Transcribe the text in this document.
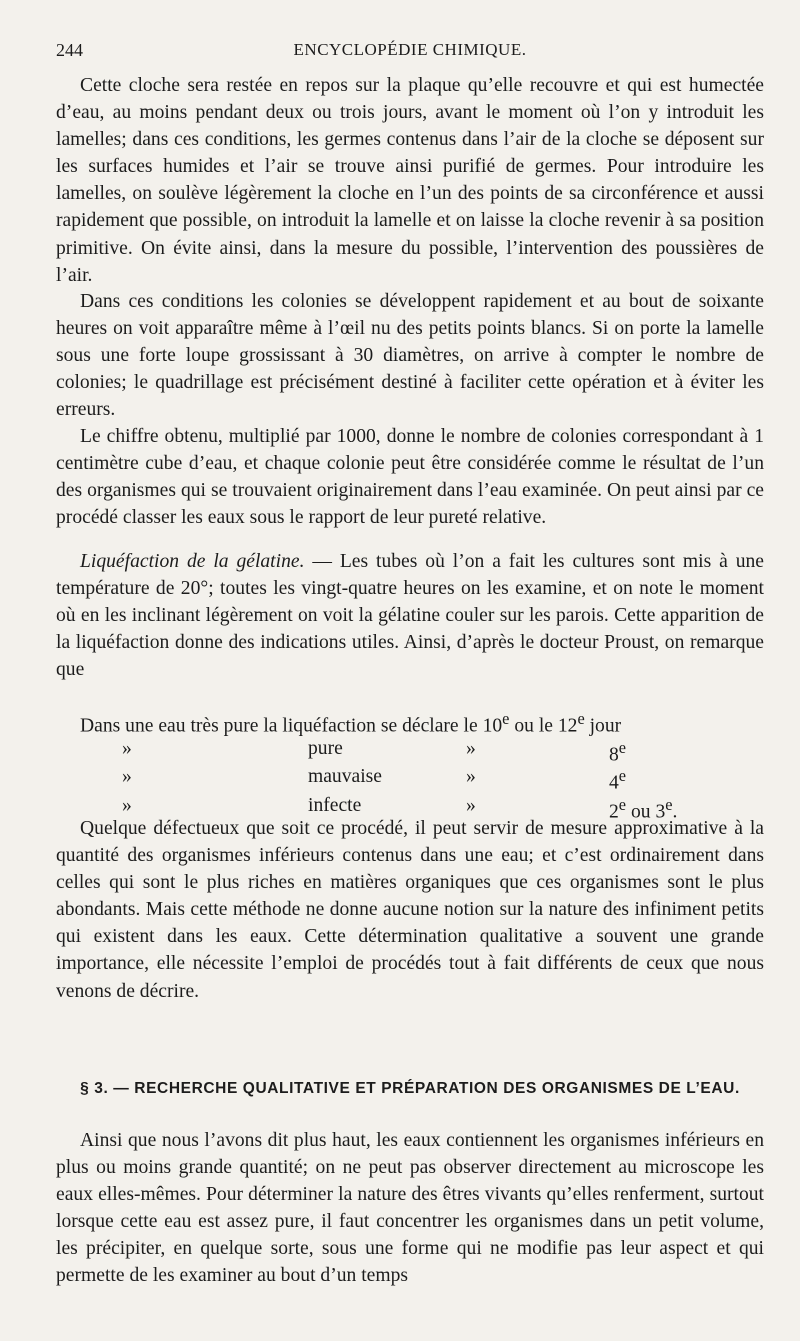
244	ENCYCLOPÉDIE CHIMIQUE.

Cette cloche sera restée en repos sur la plaque qu’elle recouvre et qui est humectée d’eau, au moins pendant deux ou trois jours, avant le moment où l’on y introduit les lamelles; dans ces conditions, les germes contenus dans l’air de la cloche se déposent sur les surfaces humides et l’air se trouve ainsi purifié de germes. Pour introduire les lamelles, on soulève légèrement la cloche en l’un des points de sa circonférence et aussi rapidement que possible, on introduit la lamelle et on laisse la cloche revenir à sa position primitive. On évite ainsi, dans la mesure du possible, l’intervention des poussières de l’air.

Dans ces conditions les colonies se développent rapidement et au bout de soixante heures on voit apparaître même à l’œil nu des petits points blancs. Si on porte la lamelle sous une forte loupe grossissant à 30 diamètres, on arrive à compter le nombre de colonies; le quadrillage est précisément destiné à faciliter cette opération et à éviter les erreurs.

Le chiffre obtenu, multiplié par 1000, donne le nombre de colonies correspondant à 1 centimètre cube d’eau, et chaque colonie peut être considérée comme le résultat de l’un des organismes qui se trouvaient originairement dans l’eau examinée. On peut ainsi par ce procédé classer les eaux sous le rapport de leur pureté relative.

Liquéfaction de la gélatine. — Les tubes où l’on a fait les cultures sont mis à une température de 20°; toutes les vingt-quatre heures on les examine, et on note le moment où en les inclinant légèrement on voit la gélatine couler sur les parois. Cette apparition de la liquéfaction donne des indications utiles. Ainsi, d’après le docteur Proust, on remarque que

Dans une eau très pure la liquéfaction se déclare le 10e ou le 12e jour			
»	pure	»	8e
»	mauvaise	»	4e
»	infecte	»	2e ou 3e.

Quelque défectueux que soit ce procédé, il peut servir de mesure approximative à la quantité des organismes inférieurs contenus dans une eau; et c’est ordinairement dans celles qui sont le plus riches en matières organiques que ces organismes sont le plus abondants. Mais cette méthode ne donne aucune notion sur la nature des infiniment petits qui existent dans les eaux. Cette détermination qualitative a souvent une grande importance, elle nécessite l’emploi de procédés tout à fait différents de ceux que nous venons de décrire.

§ 3. — RECHERCHE QUALITATIVE ET PRÉPARATION DES ORGANISMES DE L’EAU.

Ainsi que nous l’avons dit plus haut, les eaux contiennent les organismes inférieurs en plus ou moins grande quantité; on ne peut pas observer directement au microscope les eaux elles-mêmes. Pour déterminer la nature des êtres vivants qu’elles renferment, surtout lorsque cette eau est assez pure, il faut concentrer les organismes dans un petit volume, les précipiter, en quelque sorte, sous une forme qui ne modifie pas leur aspect et qui permette de les examiner au bout d’un temps
